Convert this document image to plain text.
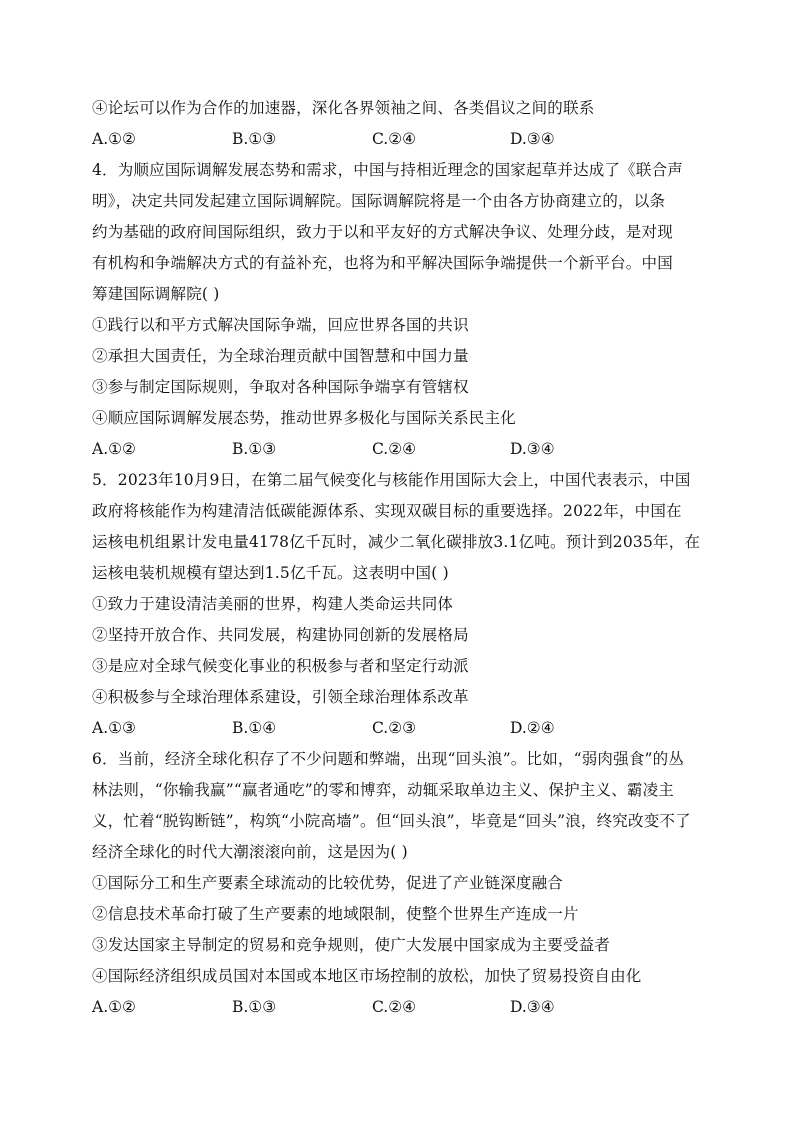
④论坛可以作为合作的加速器，深化各界领袖之间、各类倡议之间的联系
A.①②	B.①③	C.②④	D.③④
4．为顺应国际调解发展态势和需求，中国与持相近理念的国家起草并达成了《联合声
明》，决定共同发起建立国际调解院。国际调解院将是一个由各方协商建立的，以条
约为基础的政府间国际组织，致力于以和平友好的方式解决争议、处理分歧，是对现
有机构和争端解决方式的有益补充，也将为和平解决国际争端提供一个新平台。中国
筹建国际调解院( )
①践行以和平方式解决国际争端，回应世界各国的共识
②承担大国责任，为全球治理贡献中国智慧和中国力量
③参与制定国际规则，争取对各种国际争端享有管辖权
④顺应国际调解发展态势，推动世界多极化与国际关系民主化
A.①②	B.①③	C.②④	D.③④
5．2023年10月9日，在第二届气候变化与核能作用国际大会上，中国代表表示，中国
政府将核能作为构建清洁低碳能源体系、实现双碳目标的重要选择。2022年，中国在
运核电机组累计发电量4178亿千瓦时，减少二氧化碳排放3.1亿吨。预计到2035年，在
运核电装机规模有望达到1.5亿千瓦。这表明中国( )
①致力于建设清洁美丽的世界，构建人类命运共同体
②坚持开放合作、共同发展，构建协同创新的发展格局
③是应对全球气候变化事业的积极参与者和坚定行动派
④积极参与全球治理体系建设，引领全球治理体系改革
A.①③	B.①④	C.②③	D.②④
6．当前，经济全球化积存了不少问题和弊端，出现“回头浪”。比如，“弱肉强食”的丛
林法则，“你输我赢”“赢者通吃”的零和博弈，动辄采取单边主义、保护主义、霸凌主
义，忙着“脱钩断链”，构筑“小院高墙”。但“回头浪”，毕竟是“回头”浪，终究改变不了
经济全球化的时代大潮滚滚向前，这是因为( )
①国际分工和生产要素全球流动的比较优势，促进了产业链深度融合
②信息技术革命打破了生产要素的地域限制，使整个世界生产连成一片
③发达国家主导制定的贸易和竞争规则，使广大发展中国家成为主要受益者
④国际经济组织成员国对本国或本地区市场控制的放松，加快了贸易投资自由化
A.①②	B.①③	C.②④	D.③④
